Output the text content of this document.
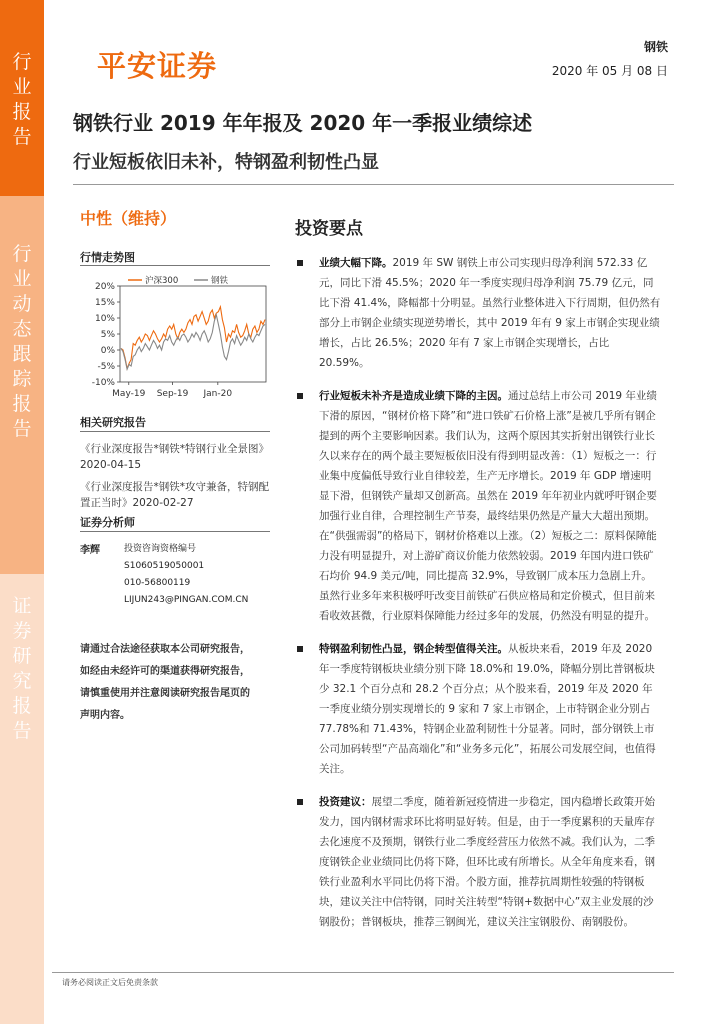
行
业
报
告
行
业
动
态
跟
踪
报
告
证
券
研
究
报
告
平安证券
钢铁
2020 年 05 月 08 日
钢铁行业 2019 年年报及 2020 年一季报业绩综述
行业短板依旧未补，特钢盈利韧性凸显
中性（维持）
行情走势图
沪深300	钢铁
20%
15%
10%
5%
0%
-5%
-10%
May-19 Sep-19 Jan-20
相关研究报告

《行业深度报告*钢铁*特钢行业全景图》 2020-04-15

《行业深度报告*钢铁*攻守兼备，特钢配置正当时》2020-02-27

证券分析师
李辉	投资咨询资格编号
S1060519050001
010-56800119
LIJUN243@PINGAN.COM.CN
请通过合法途径获取本公司研究报告，如经由未经许可的渠道获得研究报告，请慎重使用并注意阅读研究报告尾页的声明内容。
投资要点
业绩大幅下降。2019 年 SW 钢铁上市公司实现归母净利润 572.33 亿元，同比下滑 45.5%；2020 年一季度实现归母净利润 75.79 亿元，同比下滑 41.4%，降幅都十分明显。虽然行业整体进入下行周期，但仍然有部分上市钢企业绩实现逆势增长，其中 2019 年有 9 家上市钢企实现业绩增长，占比 26.5%；2020 年有 7 家上市钢企实现增长，占比 20.59%。
行业短板未补齐是造成业绩下降的主因。通过总结上市公司 2019 年业绩下滑的原因，“钢材价格下降”和“进口铁矿石价格上涨”是被几乎所有钢企提到的两个主要影响因素。我们认为，这两个原因其实折射出钢铁行业长久以来存在的两个最主要短板依旧没有得到明显改善：（1）短板之一：行业集中度偏低导致行业自律较差，生产无序增长。2019 年 GDP 增速明显下滑，但钢铁产量却又创新高。虽然在 2019 年年初业内就呼吁钢企要加强行业自律，合理控制生产节奏，最终结果仍然是产量大大超出预期。在“供强需弱”的格局下，钢材价格难以上涨。（2）短板之二：原料保障能力没有明显提升，对上游矿商议价能力依然较弱。2019 年国内进口铁矿石均价 94.9 美元/吨，同比提高 32.9%，导致钢厂成本压力急剧上升。虽然行业多年来积极呼吁改变目前铁矿石供应格局和定价模式，但目前来看收效甚微，行业原料保障能力经过多年的发展，仍然没有明显的提升。
特钢盈利韧性凸显，钢企转型值得关注。从板块来看，2019 年及 2020 年一季度特钢板块业绩分别下降 18.0%和 19.0%，降幅分别比普钢板块少 32.1 个百分点和 28.2 个百分点；从个股来看，2019 年及 2020 年一季度业绩分别实现增长的 9 家和 7 家上市钢企，上市特钢企业分别占 77.78%和 71.43%，特钢企业盈利韧性十分显著。同时，部分钢铁上市公司加码转型“产品高端化”和“业务多元化”，拓展公司发展空间，也值得关注。
投资建议：展望二季度，随着新冠疫情进一步稳定，国内稳增长政策开始发力，国内钢材需求环比将明显好转。但是，由于一季度累积的天量库存去化速度不及预期，钢铁行业二季度经营压力依然不减。我们认为，二季度钢铁企业业绩同比仍将下降，但环比或有所增长。从全年角度来看，钢铁行业盈利水平同比仍将下滑。个股方面，推荐抗周期性较强的特钢板块，建议关注中信特钢，同时关注转型“特钢+数据中心”双主业发展的沙钢股份；普钢板块，推荐三钢闽光，建议关注宝钢股份、南钢股份。
请务必阅读正文后免责条款
